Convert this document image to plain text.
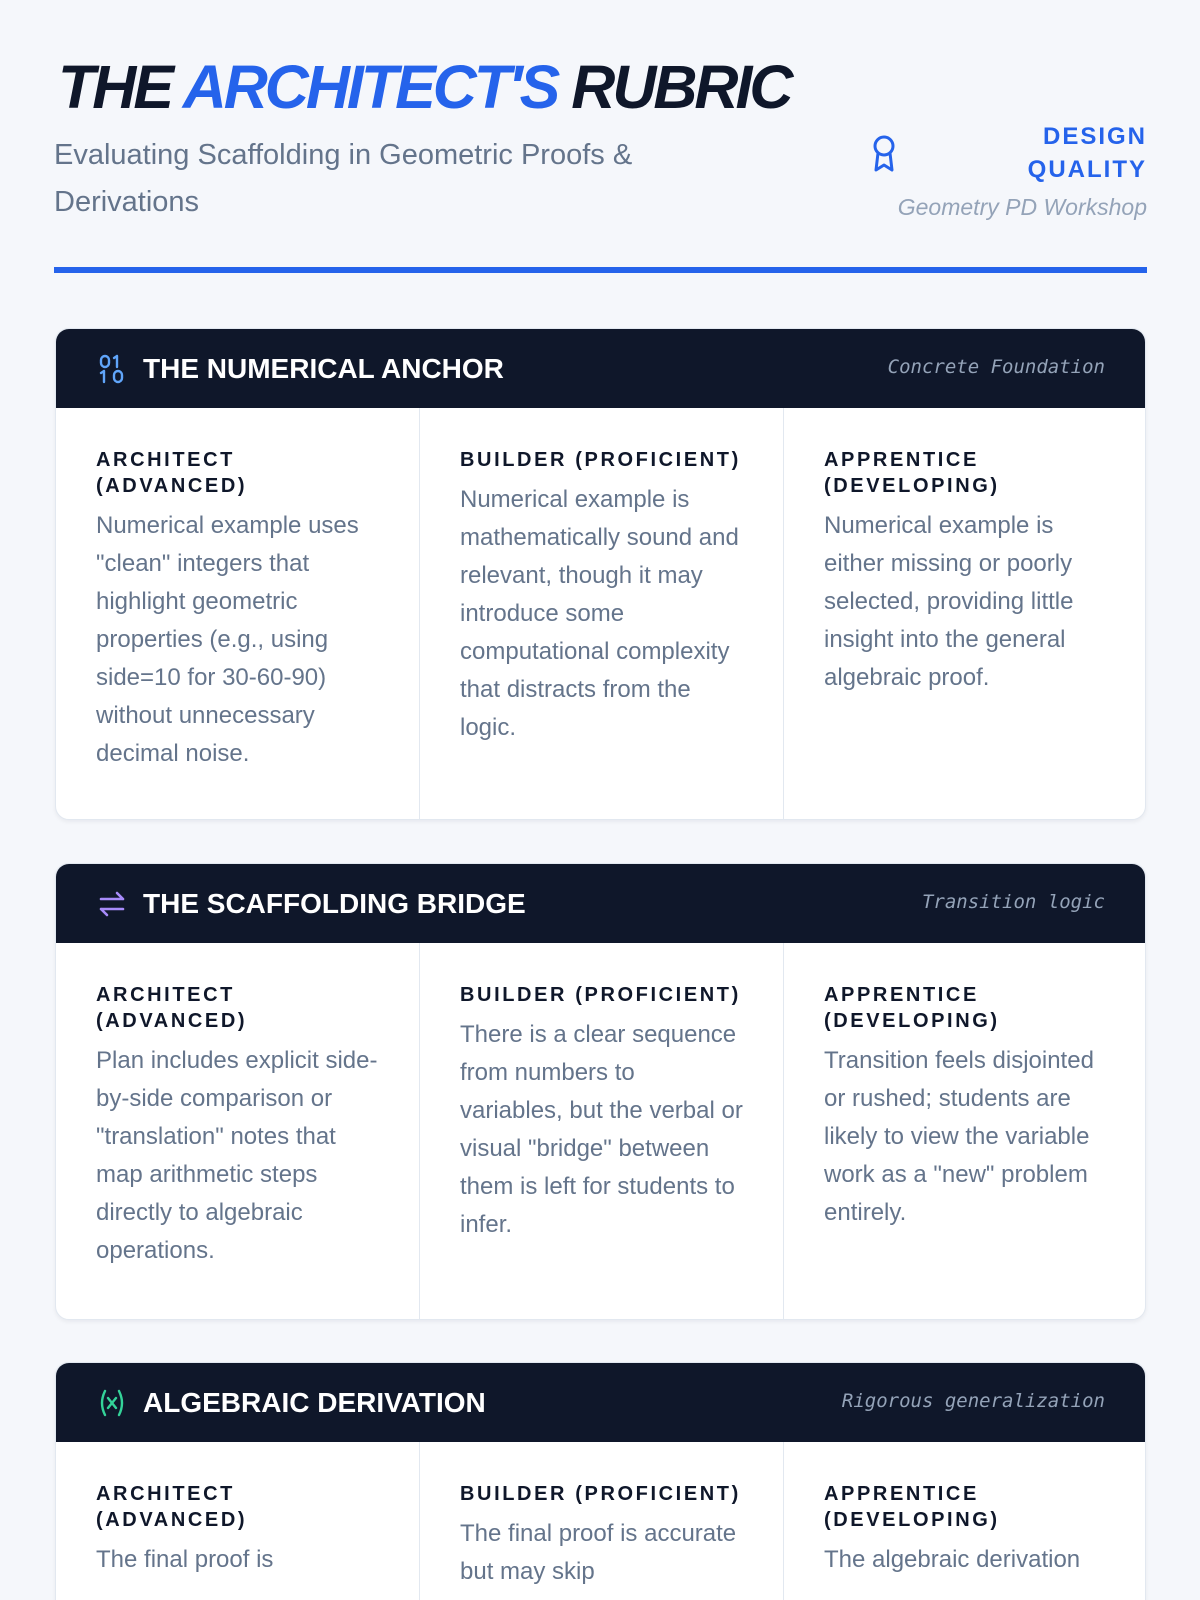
THE ARCHITECT'S RUBRIC

Evaluating Scaffolding in Geometric Proofs & Derivations

DESIGN QUALITY
Geometry PD Workshop
THE NUMERICAL ANCHOR	Concrete Foundation
ARCHITECT (ADVANCED)

Numerical example uses "clean" integers that highlight geometric properties (e.g., using side=10 for 30-60-90) without unnecessary decimal noise.

BUILDER (PROFICIENT)

Numerical example is mathematically sound and relevant, though it may introduce some computational complexity that distracts from the logic.

APPRENTICE (DEVELOPING)

Numerical example is either missing or poorly selected, providing little insight into the general algebraic proof.

THE SCAFFOLDING BRIDGE	Transition logic
ARCHITECT (ADVANCED)

Plan includes explicit side-by-side comparison or "translation" notes that map arithmetic steps directly to algebraic operations.

BUILDER (PROFICIENT)

There is a clear sequence from numbers to variables, but the verbal or visual "bridge" between them is left for students to infer.

APPRENTICE (DEVELOPING)

Transition feels disjointed or rushed; students are likely to view the variable work as a "new" problem entirely.

ALGEBRAIC DERIVATION	Rigorous generalization
ARCHITECT (ADVANCED)

The final proof is

BUILDER (PROFICIENT)

The final proof is accurate but may skip

APPRENTICE (DEVELOPING)

The algebraic derivation
